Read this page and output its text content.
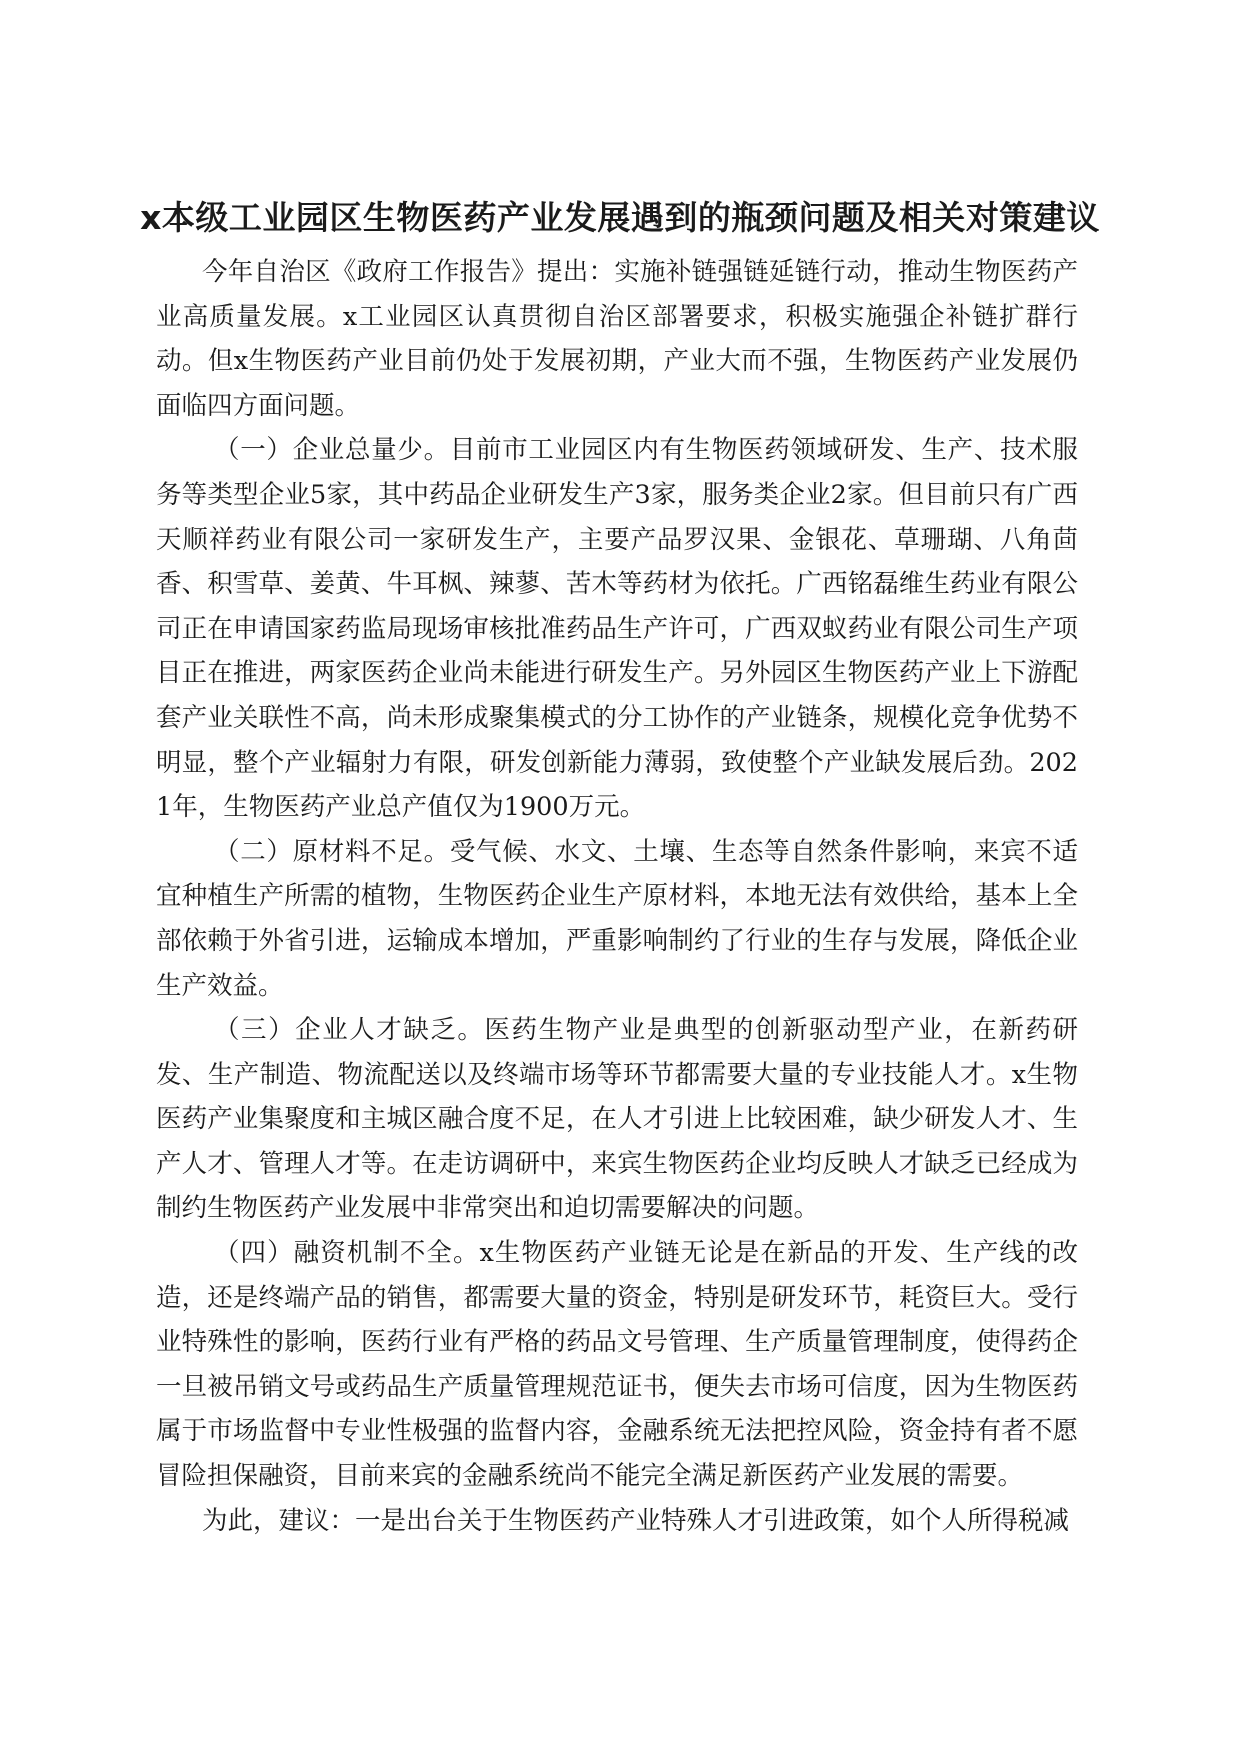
x本级工业园区生物医药产业发展遇到的瓶颈问题及相关对策建议

今年自治区《政府工作报告》提出：实施补链强链延链行动，推动生物医药产业高质量发展。x工业园区认真贯彻自治区部署要求，积极实施强企补链扩群行动。但x生物医药产业目前仍处于发展初期，产业大而不强，生物医药产业发展仍面临四方面问题。

（一）企业总量少。目前市工业园区内有生物医药领域研发、生产、技术服务等类型企业5家，其中药品企业研发生产3家，服务类企业2家。但目前只有广西天顺祥药业有限公司一家研发生产，主要产品罗汉果、金银花、草珊瑚、八角茴香、积雪草、姜黄、牛耳枫、辣蓼、苦木等药材为依托。广西铭磊维生药业有限公司正在申请国家药监局现场审核批准药品生产许可，广西双蚁药业有限公司生产项目正在推进，两家医药企业尚未能进行研发生产。另外园区生物医药产业上下游配套产业关联性不高，尚未形成聚集模式的分工协作的产业链条，规模化竞争优势不明显，整个产业辐射力有限，研发创新能力薄弱，致使整个产业缺发展后劲。2021年，生物医药产业总产值仅为1900万元。

（二）原材料不足。受气候、水文、土壤、生态等自然条件影响，来宾不适宜种植生产所需的植物，生物医药企业生产原材料，本地无法有效供给，基本上全部依赖于外省引进，运输成本增加，严重影响制约了行业的生存与发展，降低企业生产效益。

（三）企业人才缺乏。医药生物产业是典型的创新驱动型产业，在新药研发、生产制造、物流配送以及终端市场等环节都需要大量的专业技能人才。x生物医药产业集聚度和主城区融合度不足，在人才引进上比较困难，缺少研发人才、生产人才、管理人才等。在走访调研中，来宾生物医药企业均反映人才缺乏已经成为制约生物医药产业发展中非常突出和迫切需要解决的问题。

（四）融资机制不全。x生物医药产业链无论是在新品的开发、生产线的改造，还是终端产品的销售，都需要大量的资金，特别是研发环节，耗资巨大。受行业特殊性的影响，医药行业有严格的药品文号管理、生产质量管理制度，使得药企一旦被吊销文号或药品生产质量管理规范证书，便失去市场可信度，因为生物医药属于市场监督中专业性极强的监督内容，金融系统无法把控风险，资金持有者不愿冒险担保融资，目前来宾的金融系统尚不能完全满足新医药产业发展的需要。

为此，建议：一是出台关于生物医药产业特殊人才引进政策，如个人所得税减
